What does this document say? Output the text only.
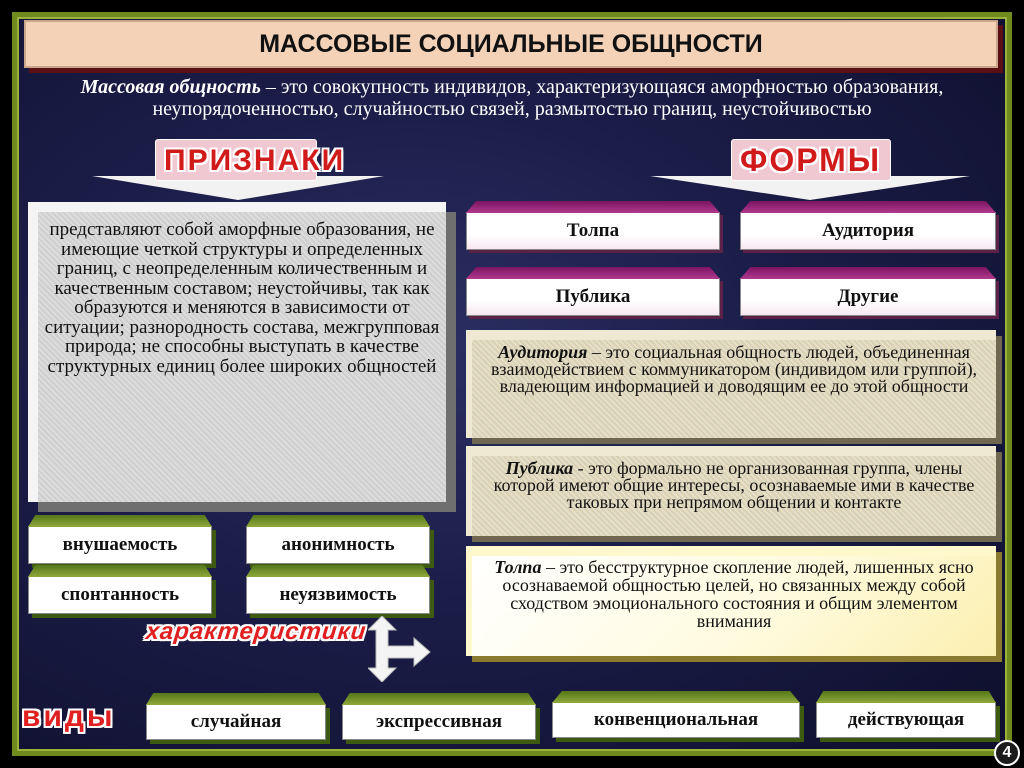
МАССОВЫЕ СОЦИАЛЬНЫЕ ОБЩНОСТИ
Массовая общность – это совокупность индивидов, характеризующаяся аморфностью образования, неупорядоченностью, случайностью связей, размытостью границ, неустойчивостью
ПРИЗНАКИ	ФОРМЫ
представляют собой аморфные образования, не имеющие четкой структуры и определенных границ, с неопределенным количественным и качественным составом; неустойчивы, так как образуются и меняются в зависимости от ситуации; разнородность состава, межгрупповая природа; не способны выступать в качестве структурных единиц более широких общностей
Толпа	Аудитория
Публика	Другие
Аудитория – это социальная общность людей, объединенная взаимодействием с коммуникатором (индивидом или группой), владеющим информацией и доводящим ее до этой общности
Публика - это формально не организованная группа, члены которой имеют общие интересы, осознаваемые ими в качестве таковых при непрямом общении и контакте
Толпа – это бесструктурное скопление людей, лишенных ясно осознаваемой общностью целей, но связанных между собой сходством эмоционального состояния и общим элементом внимания
внушаемость	анонимность
спонтанность	неуязвимость
характеристики
виды	случайная	экспрессивная	конвенциональная	действующая
4
